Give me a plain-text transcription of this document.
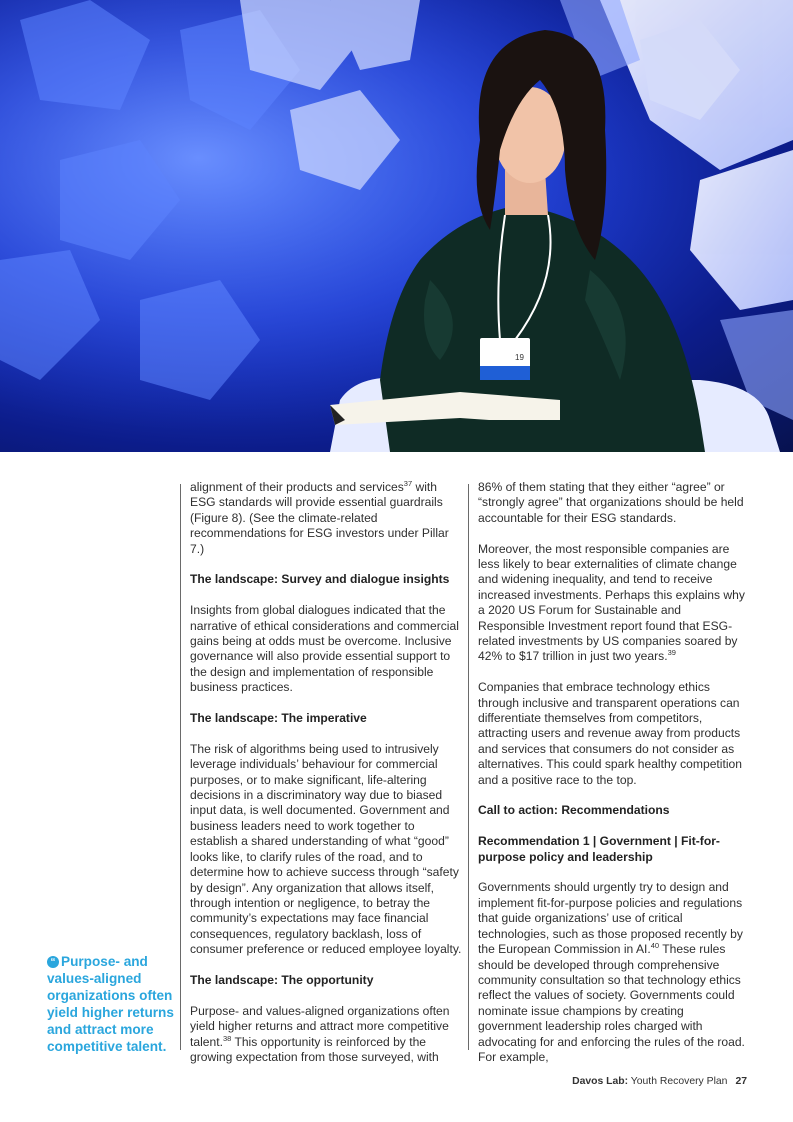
19
“ Purpose- and values-aligned organizations often yield higher returns and attract more competitive talent.

alignment of their products and services$^{37}$ with ESG standards will provide essential guardrails (Figure 8). (See the climate-related recommendations for ESG investors under Pillar 7.)

The landscape: Survey and dialogue insights

Insights from global dialogues indicated that the narrative of ethical considerations and commercial gains being at odds must be overcome. Inclusive governance will also provide essential support to the design and implementation of responsible business practices.

The landscape: The imperative

The risk of algorithms being used to intrusively leverage individuals’ behaviour for commercial purposes, or to make significant, life-altering decisions in a discriminatory way due to biased input data, is well documented. Government and business leaders need to work together to establish a shared understanding of what “good” looks like, to clarify rules of the road, and to determine how to achieve success through “safety by design”. Any organization that allows itself, through intention or negligence, to betray the community’s expectations may face financial consequences, regulatory backlash, loss of consumer preference or reduced employee loyalty.

The landscape: The opportunity

Purpose- and values-aligned organizations often yield higher returns and attract more competitive talent.$^{38}$ This opportunity is reinforced by the growing expectation from those surveyed, with

86% of them stating that they either “agree” or “strongly agree” that organizations should be held accountable for their ESG standards.

Moreover, the most responsible companies are less likely to bear externalities of climate change and widening inequality, and tend to receive increased investments. Perhaps this explains why a 2020 US Forum for Sustainable and Responsible Investment report found that ESG-related investments by US companies soared by 42% to $17 trillion in just two years.$^{39}$

Companies that embrace technology ethics through inclusive and transparent operations can differentiate themselves from competitors, attracting users and revenue away from products and services that consumers do not consider as alternatives. This could spark healthy competition and a positive race to the top.

Call to action: Recommendations

Recommendation 1 | Government | Fit-for-purpose policy and leadership

Governments should urgently try to design and implement fit-for-purpose policies and regulations that guide organizations’ use of critical technologies, such as those proposed recently by the European Commission in AI.$^{40}$ These rules should be developed through comprehensive community consultation so that technology ethics reflect the values of society. Governments could nominate issue champions by creating government leadership roles charged with advocating for and enforcing the rules of the road. For example,

Davos Lab: Youth Recovery Plan 27
